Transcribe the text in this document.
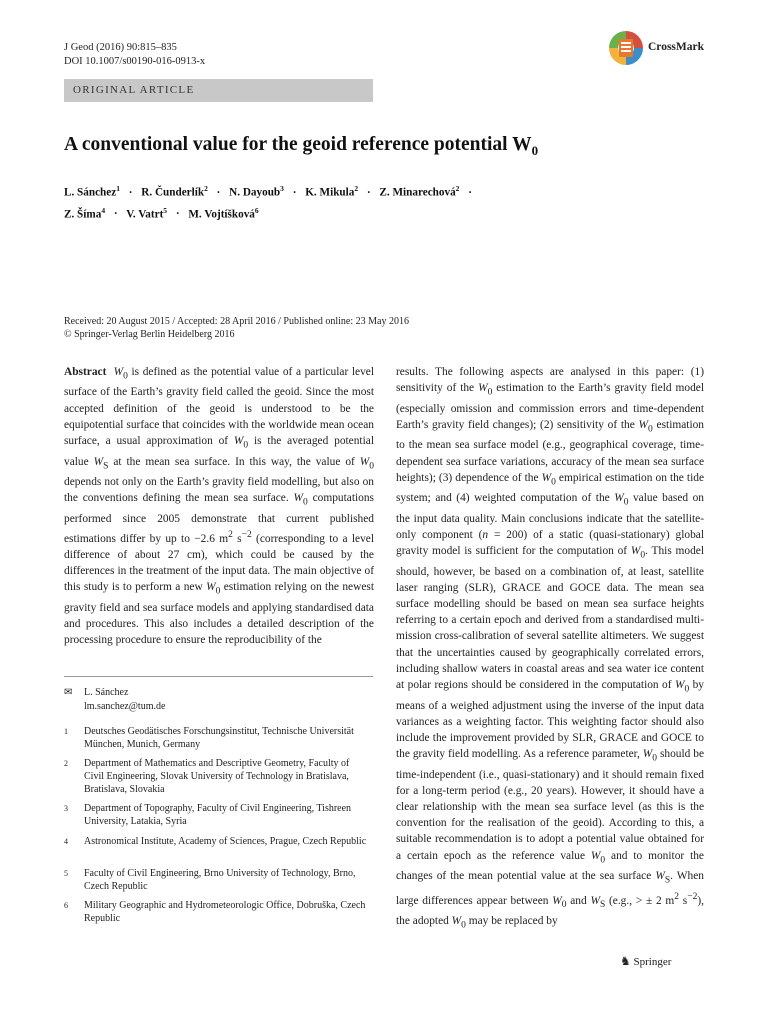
J Geod (2016) 90:815–835
DOI 10.1007/s00190-016-0913-x
CrossMark
ORIGINAL ARTICLE
A conventional value for the geoid reference potential $W_0$
L. Sánchez$^1$ · R. Čunderlík$^2$ · N. Dayoub$^3$ · K. Mikula$^2$ · Z. Minarechová$^2$ ·
Z. Šíma$^4$ · V. Vatrt$^5$ · M. Vojtíšková$^6$
Received: 20 August 2015 / Accepted: 28 April 2016 / Published online: 23 May 2016
© Springer-Verlag Berlin Heidelberg 2016
Abstract $W_0$ is defined as the potential value of a particular level surface of the Earth’s gravity field called the geoid. Since the most accepted definition of the geoid is understood to be the equipotential surface that coincides with the worldwide mean ocean surface, a usual approximation of $W_0$ is the averaged potential value $W_S$ at the mean sea surface. In this way, the value of $W_0$ depends not only on the Earth’s gravity field modelling, but also on the conventions defining the mean sea surface. $W_0$ computations performed since 2005 demonstrate that current published estimations differ by up to −2.6 $m^2$ $s^{-2}$ (corresponding to a level difference of about 27 cm), which could be caused by the differences in the treatment of the input data. The main objective of this study is to perform a new $W_0$ estimation relying on the newest gravity field and sea surface models and applying standardised data and procedures. This also includes a detailed description of the processing procedure to ensure the reproducibility of the
✉ L. Sánchez
lm.sanchez@tum.de
1 Deutsches Geodätisches Forschungsinstitut, Technische Universität München, Munich, Germany
2 Department of Mathematics and Descriptive Geometry, Faculty of Civil Engineering, Slovak University of Technology in Bratislava, Bratislava, Slovakia
3 Department of Topography, Faculty of Civil Engineering, Tishreen University, Latakia, Syria
4 Astronomical Institute, Academy of Sciences, Prague, Czech Republic
5 Faculty of Civil Engineering, Brno University of Technology, Brno, Czech Republic
6 Military Geographic and Hydrometeorologic Office, Dobruška, Czech Republic
results. The following aspects are analysed in this paper: (1) sensitivity of the $W_0$ estimation to the Earth’s gravity field model (especially omission and commission errors and time-dependent Earth’s gravity field changes); (2) sensitivity of the $W_0$ estimation to the mean sea surface model (e.g., geographical coverage, time-dependent sea surface variations, accuracy of the mean sea surface heights); (3) dependence of the $W_0$ empirical estimation on the tide system; and (4) weighted computation of the $W_0$ value based on the input data quality. Main conclusions indicate that the satellite-only component (n = 200) of a static (quasi-stationary) global gravity model is sufficient for the computation of $W_0$. This model should, however, be based on a combination of, at least, satellite laser ranging (SLR), GRACE and GOCE data. The mean sea surface modelling should be based on mean sea surface heights referring to a certain epoch and derived from a standardised multi-mission cross-calibration of several satellite altimeters. We suggest that the uncertainties caused by geographically correlated errors, including shallow waters in coastal areas and sea water ice content at polar regions should be considered in the computation of $W_0$ by means of a weighed adjustment using the inverse of the input data variances as a weighting factor. This weighting factor should also include the improvement provided by SLR, GRACE and GOCE to the gravity field modelling. As a reference parameter, $W_0$ should be time-independent (i.e., quasi-stationary) and it should remain fixed for a long-term period (e.g., 20 years). However, it should have a clear relationship with the mean sea surface level (as this is the convention for the realisation of the geoid). According to this, a suitable recommendation is to adopt a potential value obtained for a certain epoch as the reference value $W_0$ and to monitor the changes of the mean potential value at the sea surface $W_S$. When large differences appear between $W_0$ and $W_S$ (e.g., > ± 2 $m^2$ $s^{-2}$), the adopted $W_0$ may be replaced by
♞ Springer
